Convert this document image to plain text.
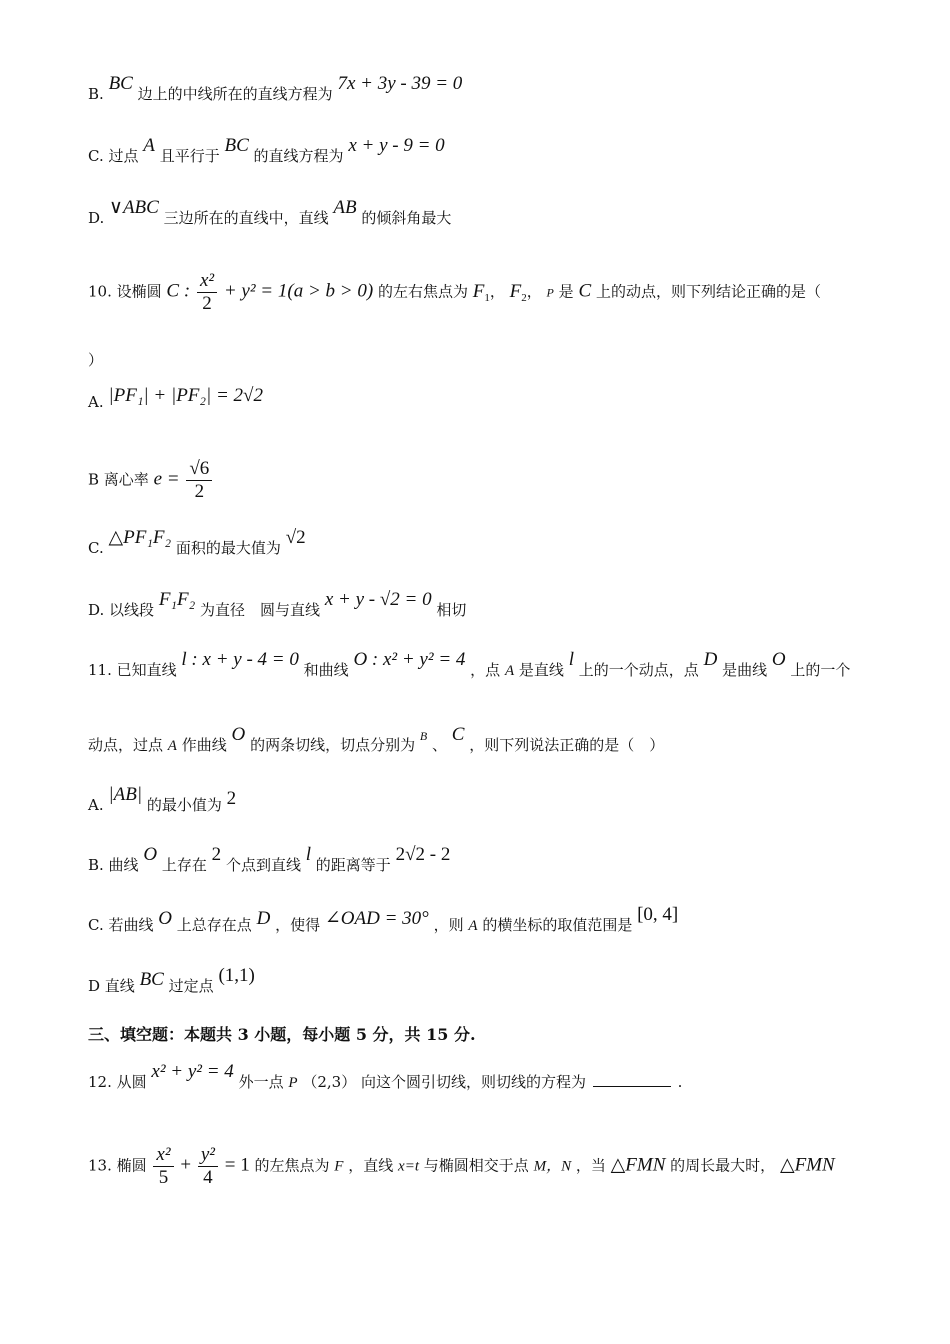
B. BC 边上的中线所在的直线方程为 7x + 3y - 39 = 0
C. 过点 A 且平行于 BC 的直线方程为 x + y - 9 = 0
D. ∨ABC 三边所在的直线中，直线 AB 的倾斜角最大
10. 设椭圆 C : $\frac{\text{x²}}{2} + y^2 = 1(a > b > 0)$ 的左右焦点为 $F_1$， $F_2$， P 是 C 上的动点，则下列结论正确的是（
）
A. |PF₁| + |PF₂| = 2√2
B 离心率 $e = \frac{√6}{2}$
C. △PF₁F₂ 面积的最大值为 √2
D. 以线段 F₁F₂ 为直径　圆与直线 x + y - √2 = 0 相切
11. 已知直线 l : x + y - 4 = 0 和曲线 O : x² + y² = 4 ，点 A 是直线 l 上的一个动点，点 D 是曲线 O 上的一个
动点，过点 A 作曲线 O 的两条切线，切点分别为 $^B$ 、 C ，则下列说法正确的是（　）
A. |AB| 的最小值为 2
B. 曲线 O 上存在 2 个点到直线 l 的距离等于 2√2 - 2
C. 若曲线 O 上总存在点 D ，使得 ∠OAD = 30° ，则 A 的横坐标的取值范围是 [0, 4]
D 直线 BC 过定点 (1,1)
三、填空题：本题共 3 小题，每小题 5 分，共 15 分.
12. 从圆 x² + y² = 4 外一点 P （2,3） 向这个圆引切线，则切线的方程为	.
13. 椭圆 $\frac{\text{x²}}{5} + \frac{\text{y²}}{4} = 1$ 的左焦点为 F ，直线 x=t 与椭圆相交于点 M，N ，当 △FMN 的周长最大时， △FMN
